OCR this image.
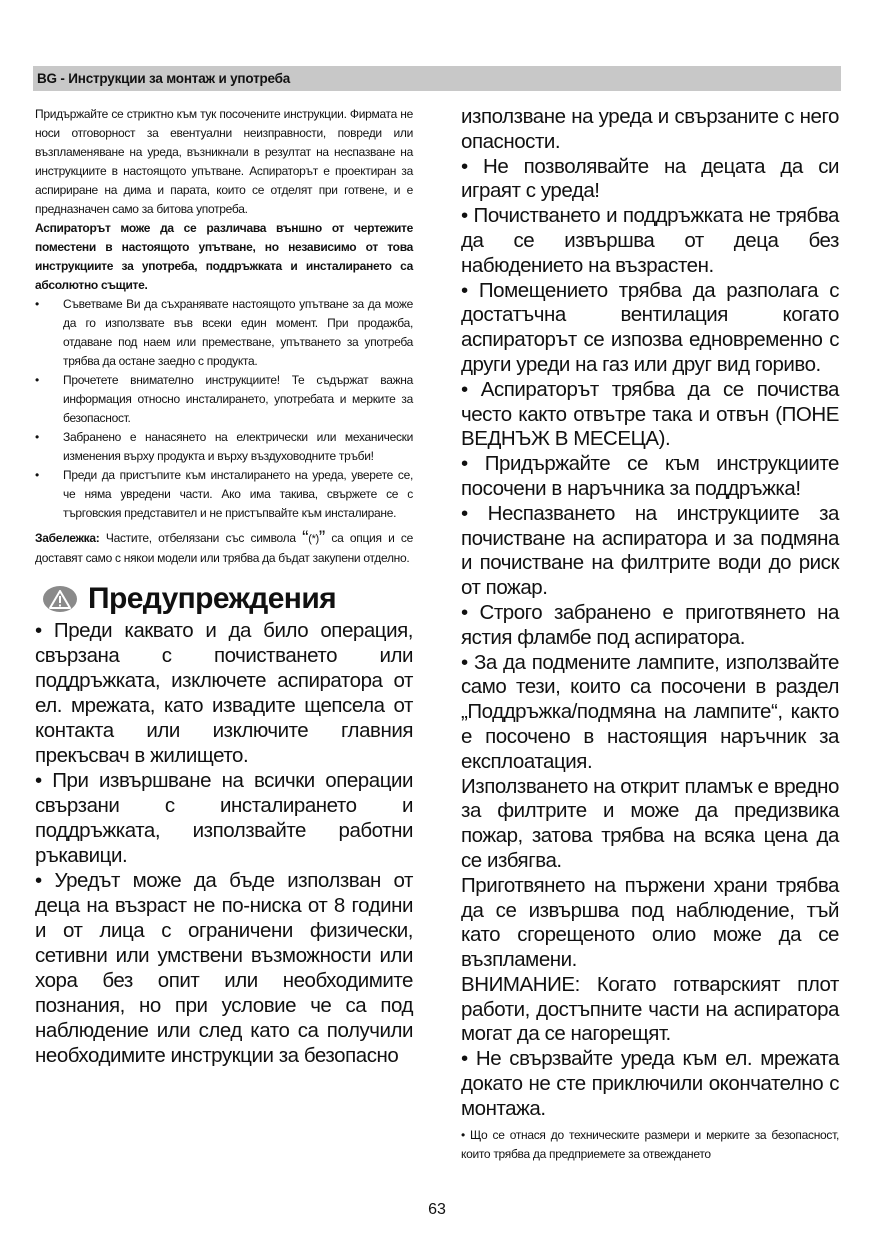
BG - Инструкции за монтаж и употреба

Придържайте се стриктно към тук посочените инструкции. Фирмата не носи отговорност за евентуални неизправности, повреди или възпламеняване на уреда, възникнали в резултат на неспазване на инструкциите в настоящото упътване. Аспираторът е проектиран за аспириране на дима и парата, които се отделят при готвене, и е предназначен само за битова употреба.

Аспираторът може да се различава външно от чертежите поместени в настоящото упътване, но независимо от това инструкциите за употреба, поддръжката и инсталирането са абсолютно същите.

• Съветваме Ви да съхранявате настоящото упътване за да може да го използвате във всеки един момент. При продажба, отдаване под наем или преместване, упътването за употреба трябва да остане заедно с продукта.
• Прочетете внимателно инструкциите! Те съдържат важна информация относно инсталирането, употребата и мерките за безопасност.
• Забранено е нанасянето на електрически или механически изменения върху продукта и върху въздуховодните тръби!
• Преди да пристъпите към инсталирането на уреда, уверете се, че няма увредени части. Ако има такива, свържете се с търговския представител и не пристъпвайте към инсталиране.

Забележка: Частите, отбелязани със символа “(*)” са опция и се доставят само с някои модели или трябва да бъдат закупени отделно.

Предупреждения

• Преди каквато и да било операция, свързана с почистването или поддръжката, изключете аспиратора от ел. мрежата, като извадите щепсела от контакта или изключите главния прекъсвач в жилището.

• При извършване на всички операции свързани с инсталирането и поддръжката, използвайте работни ръкавици.

• Уредът може да бъде използван от деца на възраст не по-ниска от 8 години и от лица с ограничени физически, сетивни или умствени възможности или хора без опит или необходимите познания, но при условие че са под наблюдение или след като са получили необходимите инструкции за безопасно

използване на уреда и свързаните с него опасности.

• Не позволявайте на децата да си играят с уреда!

• Почистването и поддръжката не трябва да се извършва от деца без набюдението на възрастен.

• Помещението трябва да разполага с достатъчна вентилация когато аспираторът се изпозва едновременно с други уреди на газ или друг вид гориво.

• Аспираторът трябва да се почиства често както отвътре така и отвън (ПОНЕ ВЕДНЪЖ В МЕСЕЦА).

• Придържайте се към инструкциите посочени в наръчника за поддръжка!

• Неспазването на инструкциите за почистване на аспиратора и за подмяна и почистване на филтрите води до риск от пожар.

• Строго забранено е приготвянето на ястия фламбе под аспиратора.

• За да подмените лампите, използвайте само тези, които са посочени в раздел „Поддръжка/подмяна на лампите“, както е посочено в настоящия наръчник за експлоатация.

Използването на открит пламък е вредно за филтрите и може да предизвика пожар, затова трябва на всяка цена да се избягва.

Приготвянето на пържени храни трябва да се извършва под наблюдение, тъй като сгорещеното олио може да се възпламени.

ВНИМАНИЕ: Когато готварският плот работи, достъпните части на аспиратора могат да се нагорещят.

• Не свързвайте уреда към ел. мрежата докато не сте приключили окончателно с монтажа.

• Що се отнася до техническите размери и мерките за безопасност, които трябва да предприемете за отвеждането

63
